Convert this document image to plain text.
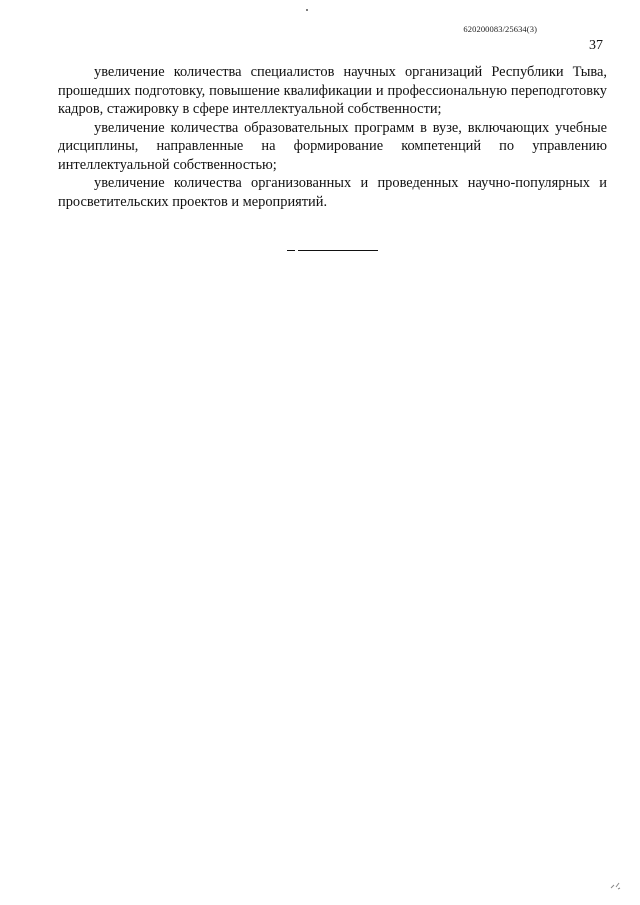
620200083/25634(3)
37

увеличение количества специалистов научных организаций Республики Тыва, прошедших подготовку, повышение квалификации и профессиональную переподготовку кадров, стажировку в сфере интеллектуальной собственности;

увеличение количества образовательных программ в вузе, включающих учебные дисциплины, направленные на формирование компетенций по управлению интеллектуальной собственностью;

увеличение количества организованных и проведенных научно-популярных и просветительских проектов и мероприятий.
